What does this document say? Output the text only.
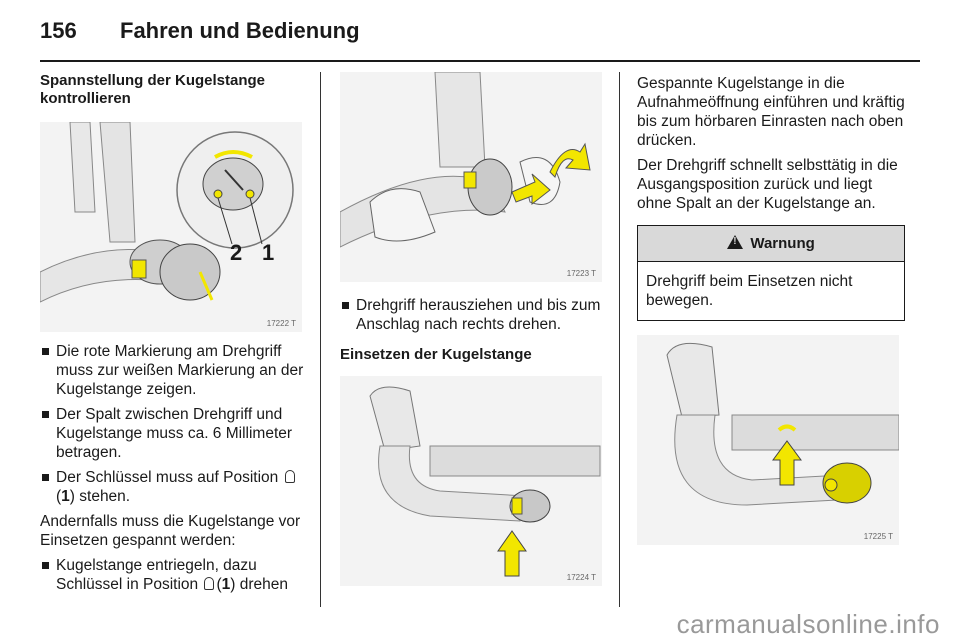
156 Fahren und Bedienung
Spannstellung der Kugelstange
kontrollieren
2 1
17222 T
Die rote Markierung am Drehgriff muss zur weißen Markierung an der Kugelstange zeigen.
Der Spalt zwischen Drehgriff und Kugelstange muss ca. 6 Millimeter betragen.
Der Schlüssel muss auf Position
(1) stehen.
Andernfalls muss die Kugelstange vor Einsetzen gespannt werden:
Kugelstange entriegeln, dazu Schlüssel in Position (1) drehen
17223 T
Drehgriff herausziehen und bis zum Anschlag nach rechts drehen.
Einsetzen der Kugelstange
17224 T
Gespannte Kugelstange in die Aufnahmeöffnung einführen und kräftig bis zum hörbaren Einrasten nach oben drücken.
Der Drehgriff schnellt selbsttätig in die Ausgangsposition zurück und liegt ohne Spalt an der Kugelstange an.
! Warnung
Drehgriff beim Einsetzen nicht bewegen.
17225 T
carmanualsonline.info
